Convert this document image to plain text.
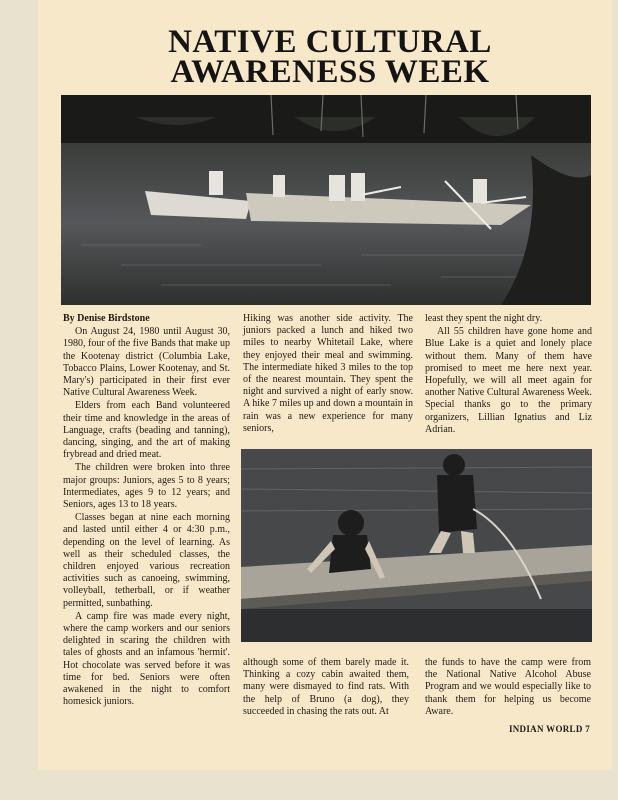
NATIVE CULTURAL
AWARENESS WEEK

By Denise Birdstone

On August 24, 1980 until August 30, 1980, four of the five Bands that make up the Kootenay district (Columbia Lake, Tobacco Plains, Lower Kootenay, and St. Mary's) participated in their first ever Native Cultural Awareness Week.

Elders from each Band volunteered their time and knowledge in the areas of Language, crafts (beading and tanning), dancing, singing, and the art of making frybread and dried meat.

The children were broken into three major groups: Juniors, ages 5 to 8 years; Intermediates, ages 9 to 12 years; and Seniors, ages 13 to 18 years.

Classes began at nine each morning and lasted until either 4 or 4:30 p.m., depending on the level of learning. As well as their scheduled classes, the children enjoyed various recreation activities such as canoeing, swimming, volleyball, tetherball, or if weather permitted, sunbathing.

A camp fire was made every night, where the camp workers and our seniors delighted in scaring the children with tales of ghosts and an infamous 'hermit'. Hot chocolate was served before it was time for bed. Seniors were often awakened in the night to comfort homesick juniors.

Hiking was another side activity. The juniors packed a lunch and hiked two miles to nearby Whitetail Lake, where they enjoyed their meal and swimming. The intermediate hiked 3 miles to the top of the nearest mountain. They spent the night and survived a night of early snow. A hike 7 miles up and down a mountain in rain was a new experience for many seniors,

least they spent the night dry.

All 55 children have gone home and Blue Lake is a quiet and lonely place without them. Many of them have promised to meet me here next year. Hopefully, we will all meet again for another Native Cultural Awareness Week. Special thanks go to the primary organizers, Lillian Ignatius and Liz Adrian.

although some of them barely made it. Thinking a cozy cabin awaited them, many were dismayed to find rats. With the help of Bruno (a dog), they succeeded in chasing the rats out. At

the funds to have the camp were from the National Native Alcohol Abuse Program and we would especially like to thank them for helping us become Aware.

INDIAN WORLD 7
